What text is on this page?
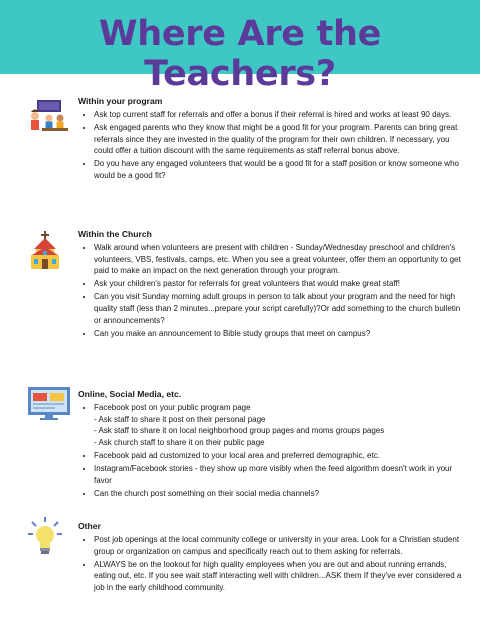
Where Are the Teachers?
Within your program
• Ask top current staff for referrals and offer a bonus if their referral is hired and works at least 90 days.
• Ask engaged parents who they know that might be a good fit for your program. Parents can bring great referrals since they are invested in the quality of the program for their own children. If necessary, you could offer a tuition discount with the same requirements as staff referral bonus above.
• Do you have any engaged volunteers that would be a good fit for a staff position or know someone who would be a good fit?
Within the Church
• Walk around when volunteers are present with children - Sunday/Wednesday preschool and children's volunteers, VBS, festivals, camps, etc. When you see a great volunteer, offer them an opportunity to get paid to make an impact on the next generation through your program.
• Ask your children's pastor for referrals for great volunteers that would make great staff!
• Can you visit Sunday morning adult groups in person to talk about your program and the need for high quality staff (less than 2 minutes...prepare your script carefully)?Or add something to the church bulletin or announcements?
• Can you make an announcement to Bible study groups that meet on campus?
Online, Social Media, etc.
• Facebook post on your public program page
- Ask staff to share it post on their personal page
- Ask staff to share it on local neighborhood group pages and moms groups pages
- Ask church staff to share it on their public page
• Facebook paid ad customized to your local area and preferred demographic, etc.
• Instagram/Facebook stories - they show up more visibly when the feed algorithm doesn't work in your favor
• Can the church post something on their social media channels?
Other
• Post job openings at the local community college or university in your area. Look for a Christian student group or organization on campus and specifically reach out to them asking for referrals.
• ALWAYS be on the lookout for high quality employees when you are out and about running errands, eating out, etc. If you see wait staff interacting well with children...ASK them If they've ever considered a job in the early childhood community.
